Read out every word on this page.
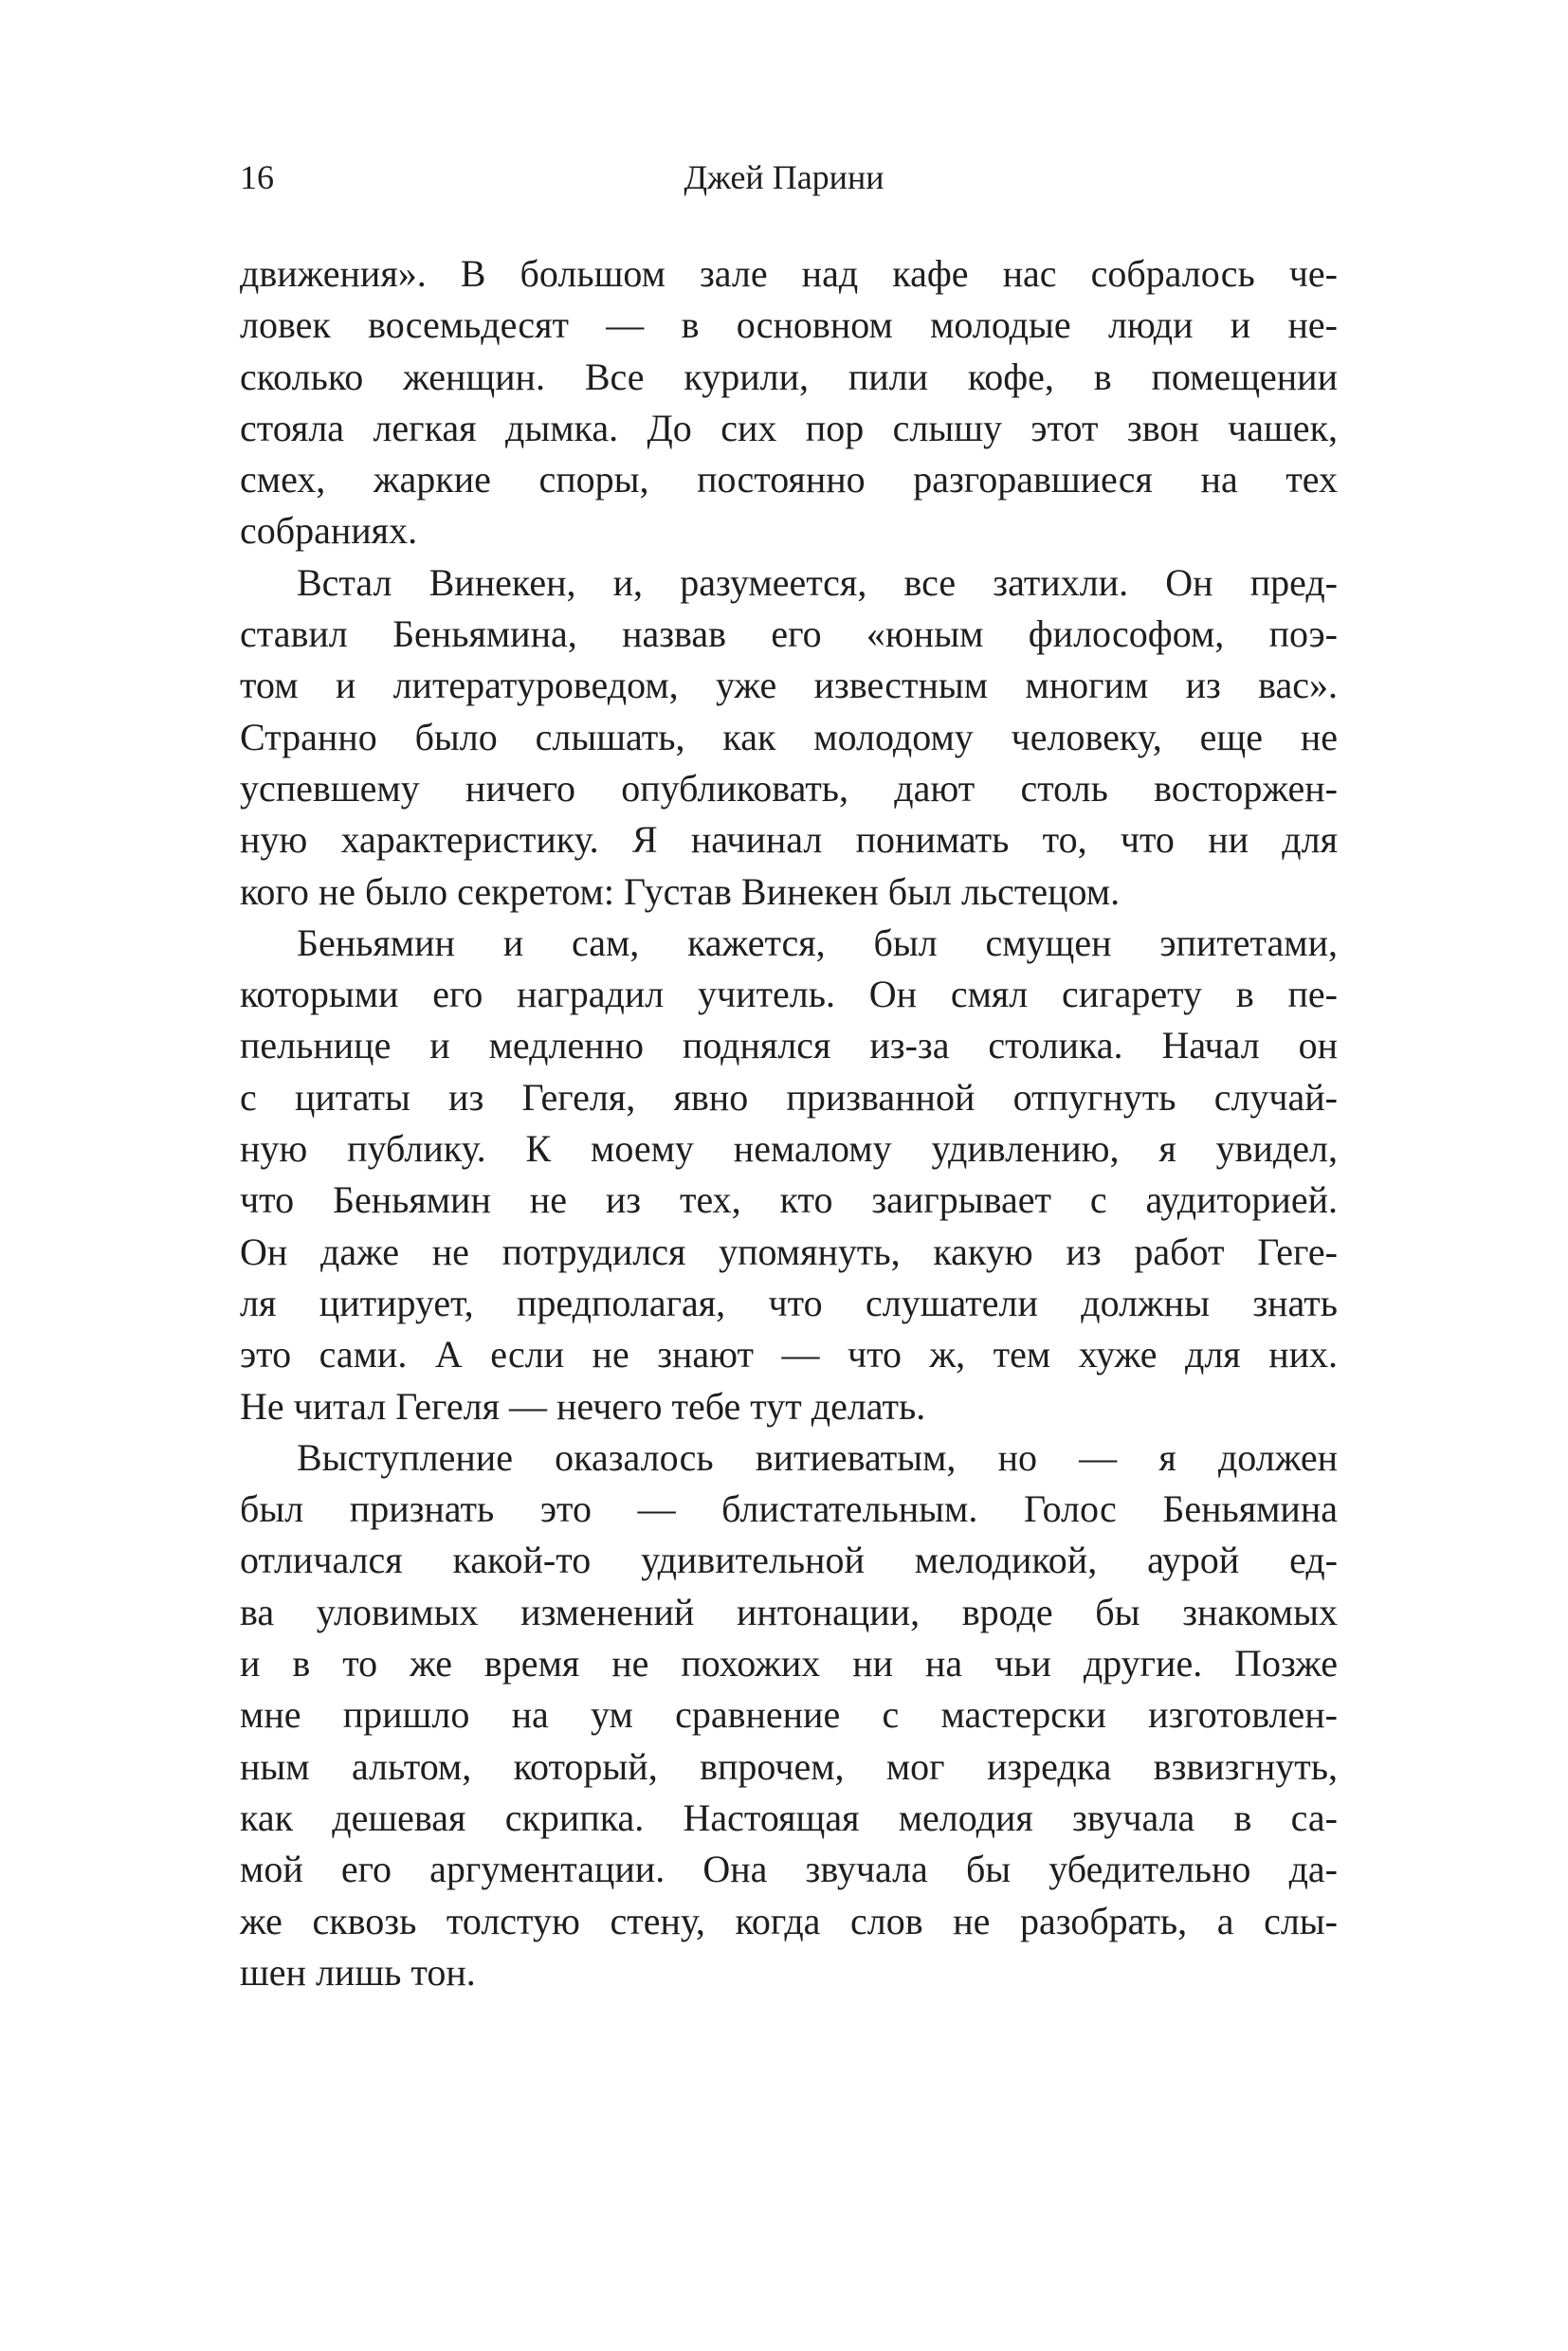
16	Джей Парини
движения». В большом зале над кафе нас собралось че-
ловек восемьдесят — в основном молодые люди и не-
сколько женщин. Все курили, пили кофе, в помещении
стояла легкая дымка. До сих пор слышу этот звон чашек,
смех, жаркие споры, постоянно разгоравшиеся на тех
собраниях.
Встал Винекен, и, разумеется, все затихли. Он пред-
ставил Беньямина, назвав его «юным философом, поэ-
том и литературоведом, уже известным многим из вас».
Странно было слышать, как молодому человеку, еще не
успевшему ничего опубликовать, дают столь восторжен-
ную характеристику. Я начинал понимать то, что ни для
кого не было секретом: Густав Винекен был льстецом.
Беньямин и сам, кажется, был смущен эпитетами,
которыми его наградил учитель. Он смял сигарету в пе-
пельнице и медленно поднялся из-за столика. Начал он
с цитаты из Гегеля, явно призванной отпугнуть случай-
ную публику. К моему немалому удивлению, я увидел,
что Беньямин не из тех, кто заигрывает с аудиторией.
Он даже не потрудился упомянуть, какую из работ Геге-
ля цитирует, предполагая, что слушатели должны знать
это сами. А если не знают — что ж, тем хуже для них.
Не читал Гегеля — нечего тебе тут делать.
Выступление оказалось витиеватым, но — я должен
был признать это — блистательным. Голос Беньямина
отличался какой-то удивительной мелодикой, аурой ед-
ва уловимых изменений интонации, вроде бы знакомых
и в то же время не похожих ни на чьи другие. Позже
мне пришло на ум сравнение с мастерски изготовлен-
ным альтом, который, впрочем, мог изредка взвизгнуть,
как дешевая скрипка. Настоящая мелодия звучала в са-
мой его аргументации. Она звучала бы убедительно да-
же сквозь толстую стену, когда слов не разобрать, а слы-
шен лишь тон.
